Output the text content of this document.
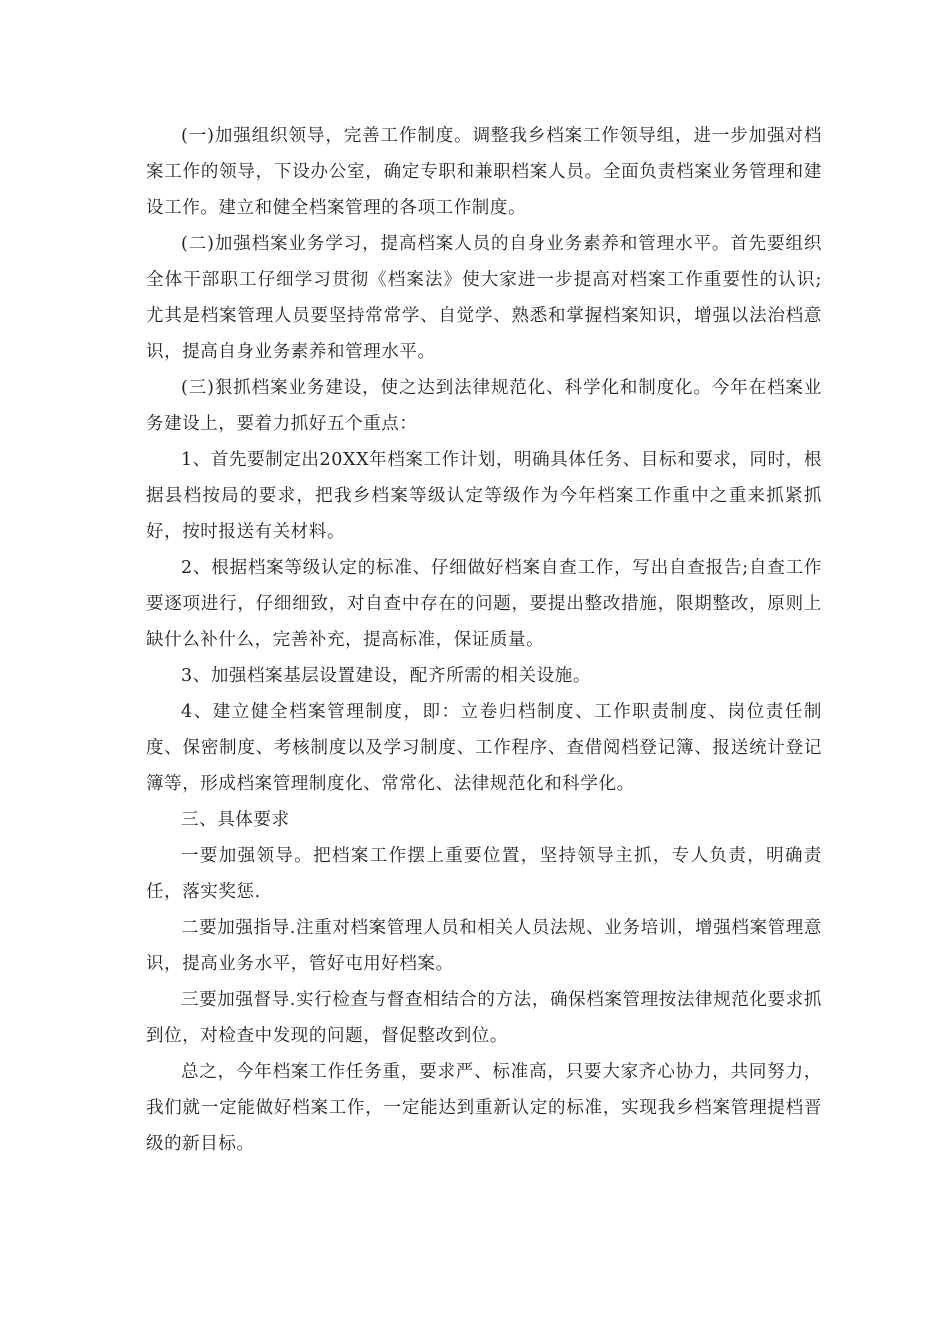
(一)加强组织领导，完善工作制度。调整我乡档案工作领导组，进一步加强对档案工作的领导，下设办公室，确定专职和兼职档案人员。全面负责档案业务管理和建设工作。建立和健全档案管理的各项工作制度。

(二)加强档案业务学习，提高档案人员的自身业务素养和管理水平。首先要组织全体干部职工仔细学习贯彻《档案法》使大家进一步提高对档案工作重要性的认识;尤其是档案管理人员要坚持常常学、自觉学、熟悉和掌握档案知识，增强以法治档意识，提高自身业务素养和管理水平。

(三)狠抓档案业务建设，使之达到法律规范化、科学化和制度化。今年在档案业务建设上，要着力抓好五个重点：

1、首先要制定出20XX年档案工作计划，明确具体任务、目标和要求，同时，根据县档按局的要求，把我乡档案等级认定等级作为今年档案工作重中之重来抓紧抓好，按时报送有关材料。

2、根据档案等级认定的标准、仔细做好档案自查工作，写出自查报告;自查工作要逐项进行，仔细细致，对自查中存在的问题，要提出整改措施，限期整改，原则上缺什么补什么，完善补充，提高标准，保证质量。

3、加强档案基层设置建设，配齐所需的相关设施。

4、建立健全档案管理制度，即：立卷归档制度、工作职责制度、岗位责任制度、保密制度、考核制度以及学习制度、工作程序、查借阅档登记簿、报送统计登记簿等，形成档案管理制度化、常常化、法律规范化和科学化。

三、具体要求

一要加强领导。把档案工作摆上重要位置，坚持领导主抓，专人负责，明确责任，落实奖惩.

二要加强指导.注重对档案管理人员和相关人员法规、业务培训，增强档案管理意识，提高业务水平，管好屯用好档案。

三要加强督导.实行检查与督查相结合的方法，确保档案管理按法律规范化要求抓到位，对检查中发现的问题，督促整改到位。

总之，今年档案工作任务重，要求严、标准高，只要大家齐心协力，共同努力，我们就一定能做好档案工作，一定能达到重新认定的标准，实现我乡档案管理提档晋级的新目标。
